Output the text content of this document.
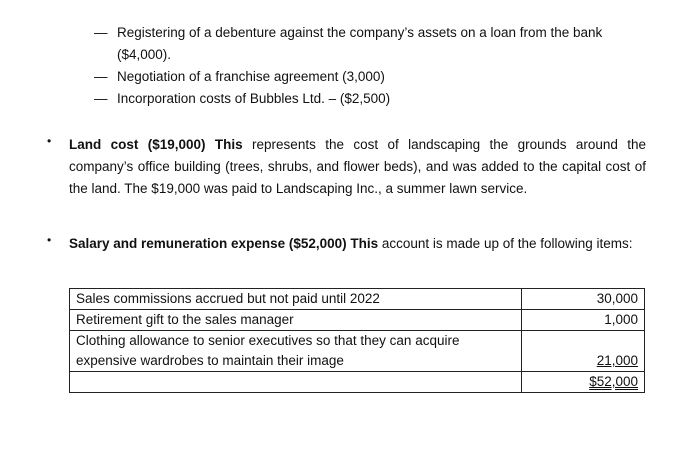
— Registering of a debenture against the company’s assets on a loan from the bank
($4,000).
— Negotiation of a franchise agreement (3,000)
— Incorporation costs of Bubbles Ltd. – ($2,500)
• Land cost ($19,000) This represents the cost of landscaping the grounds around the company’s office building (trees, shrubs, and flower beds), and was added to the capital cost of the land. The $19,000 was paid to Landscaping Inc., a summer lawn service.
• Salary and remuneration expense ($52,000) This account is made up of the following items:
Sales commissions accrued but not paid until 2022	30,000
Retirement gift to the sales manager	1,000
Clothing allowance to senior executives so that they can acquire expensive wardrobes to maintain their image	21,000
	$52,000
